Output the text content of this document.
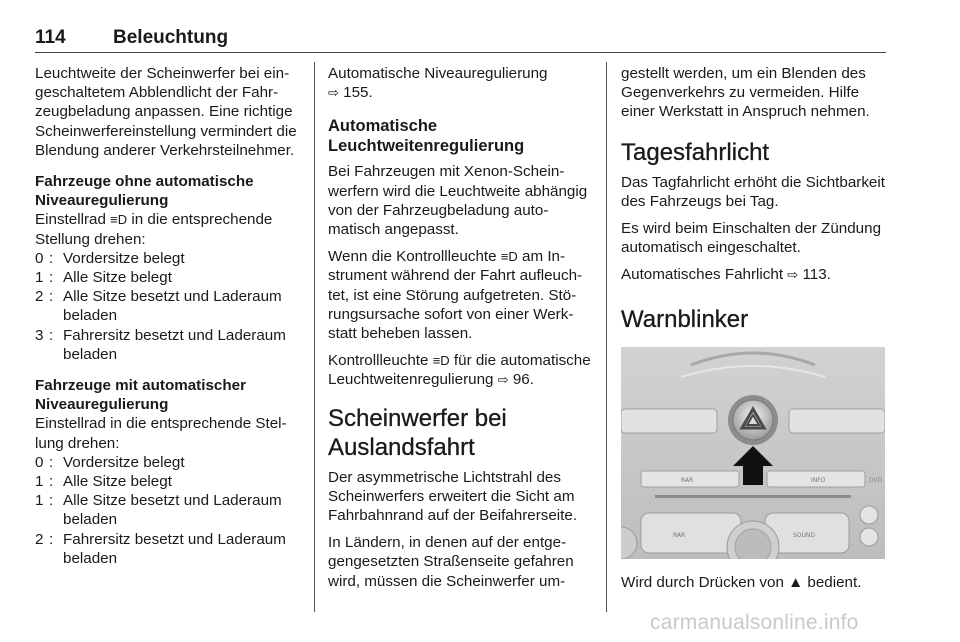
114 Beleuchtung

Leuchtweite der Scheinwerfer bei eingeschaltetem Abblendlicht der Fahrzeugbeladung anpassen. Eine richtige Scheinwerfereinstellung vermindert die Blendung anderer Verkehrsteilnehmer.

Fahrzeuge ohne automatische Niveauregulierung
Einstellrad ≡D in die entsprechende Stellung drehen:
0 : Vordersitze belegt
1 : Alle Sitze belegt
2 : Alle Sitze besetzt und Laderaum beladen
3 : Fahrersitz besetzt und Laderaum beladen
Fahrzeuge mit automatischer Niveauregulierung
Einstellrad in die entsprechende Stellung drehen:
0 : Vordersitze belegt
1 : Alle Sitze belegt
1 : Alle Sitze besetzt und Laderaum beladen
2 : Fahrersitz besetzt und Laderaum beladen

Automatische Niveauregulierung
⇨ 155.

Automatische Leuchtweitenregulierung

Bei Fahrzeugen mit Xenon-Scheinwerfern wird die Leuchtweite abhängig von der Fahrzeugbeladung automatisch angepasst.

Wenn die Kontrollleuchte ≡D am Instrument während der Fahrt aufleuchtet, ist eine Störung aufgetreten. Störungsursache sofort von einer Werkstatt beheben lassen.

Kontrollleuchte ≡D für die automatische Leuchtweitenregulierung ⇨ 96.

Scheinwerfer bei Auslandsfahrt

Der asymmetrische Lichtstrahl des Scheinwerfers erweitert die Sicht am Fahrbahnrand auf der Beifahrerseite.

In Ländern, in denen auf der entgegengesetzten Straßenseite gefahren wird, müssen die Scheinwerfer um-

gestellt werden, um ein Blenden des Gegenverkehrs zu vermeiden. Hilfe einer Werkstatt in Anspruch nehmen.

Tagesfahrlicht

Das Tagfahrlicht erhöht die Sichtbarkeit des Fahrzeugs bei Tag.

Es wird beim Einschalten der Zündung automatisch eingeschaltet.

Automatisches Fahrlicht ⇨ 113.

Warnblinker
RAR	INFO	DVD
RAR	SOUND

Wird durch Drücken von ▲ bedient.

carmanualsonline.info
